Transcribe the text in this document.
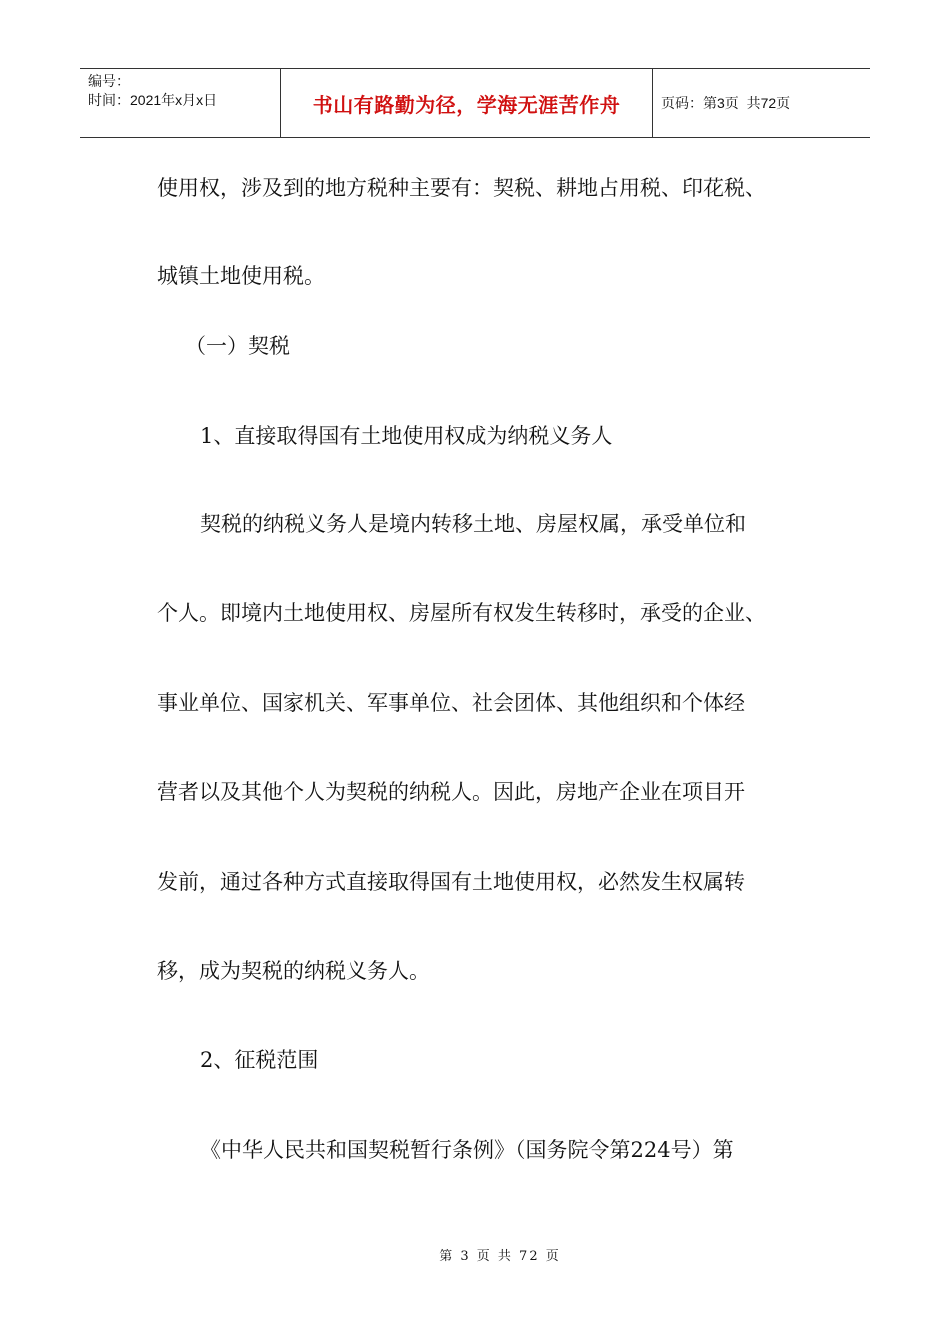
编号：
时间：2021年x月x日	书山有路勤为径，学海无涯苦作舟	页码：第3页  共72页
使用权，涉及到的地方税种主要有：契税、耕地占用税、印花税、
城镇土地使用税。
（一）契税
1、直接取得国有土地使用权成为纳税义务人
契税的纳税义务人是境内转移土地、房屋权属，承受单位和
个人。即境内土地使用权、房屋所有权发生转移时，承受的企业、
事业单位、国家机关、军事单位、社会团体、其他组织和个体经
营者以及其他个人为契税的纳税人。因此，房地产企业在项目开
发前，通过各种方式直接取得国有土地使用权，必然发生权属转
移，成为契税的纳税义务人。
2、征税范围
《中华人民共和国契税暂行条例》（国务院令第224号）第
第 3 页 共 72 页
